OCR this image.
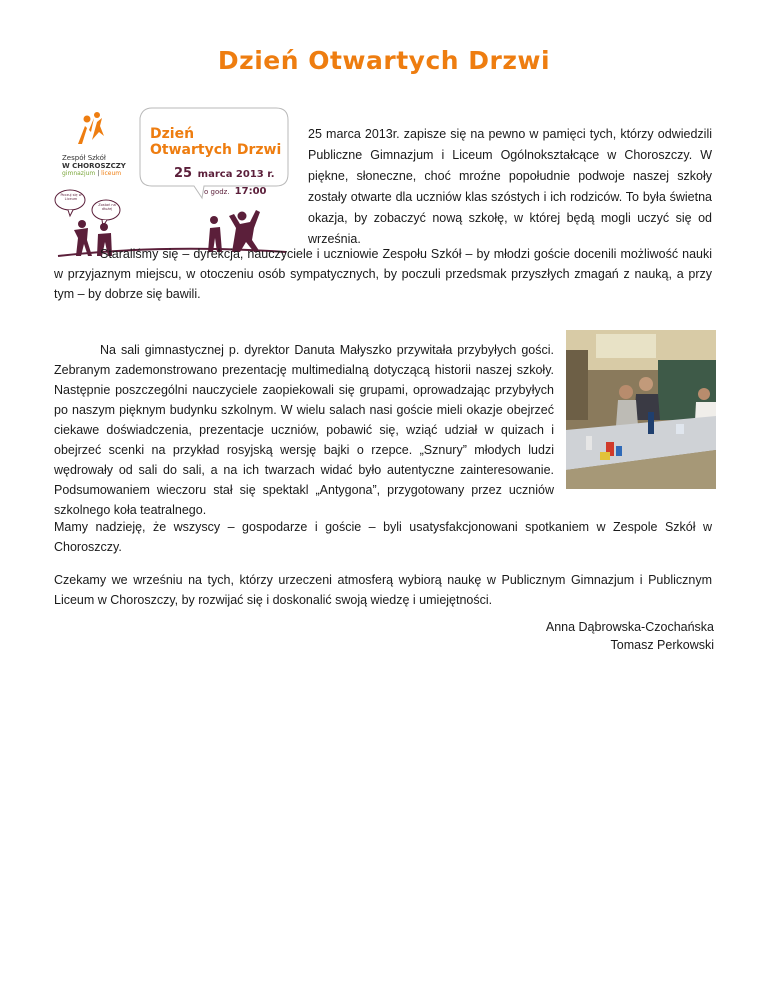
Dzień Otwartych Drzwi
Zespół Szkół
W CHOROSZCZY
gimnazjum | liceum
Dzień
Otwartych Drzwi
25 marca 2013 r.
o godz. 17:00
Poczuj się w Liceum
Zostań na dłużej

25 marca 2013r. zapisze się na pewno w pamięci tych, którzy odwiedzili Publiczne Gimnazjum i Liceum Ogólnokształcące w Choroszczy. W piękne, słoneczne, choć mroźne popołudnie podwoje naszej szkoły zostały otwarte dla uczniów klas szóstych i ich rodziców. To była świetna okazja, by zobaczyć nową szkołę, w której będą mogli uczyć się od września.

Staraliśmy się – dyrekcja, nauczyciele i uczniowie Zespołu Szkół – by młodzi goście docenili możliwość nauki w przyjaznym miejscu, w otoczeniu osób sympatycznych, by poczuli przedsmak przyszłych zmagań z nauką, a przy tym – by dobrze się bawili.

Na sali gimnastycznej p. dyrektor Danuta Małyszko przywitała przybyłych gości. Zebranym zademonstrowano prezentację multimedialną dotyczącą historii naszej szkoły. Następnie poszczególni nauczyciele zaopiekowali się grupami, oprowadzając przybyłych po naszym pięknym budynku szkolnym. W wielu salach nasi goście mieli okazje obejrzeć ciekawe doświadczenia, prezentacje uczniów, pobawić się, wziąć udział w quizach i obejrzeć scenki na przykład rosyjską wersję bajki o rzepce. „Sznury” młodych ludzi wędrowały od sali do sali, a na ich twarzach widać było autentyczne zainteresowanie. Podsumowaniem wieczoru stał się spektakl „Antygona”, przygotowany przez uczniów szkolnego koła teatralnego.

Mamy nadzieję, że wszyscy – gospodarze i goście – byli usatysfakcjonowani spotkaniem w Zespole Szkół w Choroszczy.

Czekamy we wrześniu na tych, którzy urzeczeni atmosferą wybiorą naukę w Publicznym Gimnazjum i Publicznym Liceum w Choroszczy, by rozwijać się i doskonalić swoją wiedzę i umiejętności.

Anna Dąbrowska-Czochańska
Tomasz Perkowski
